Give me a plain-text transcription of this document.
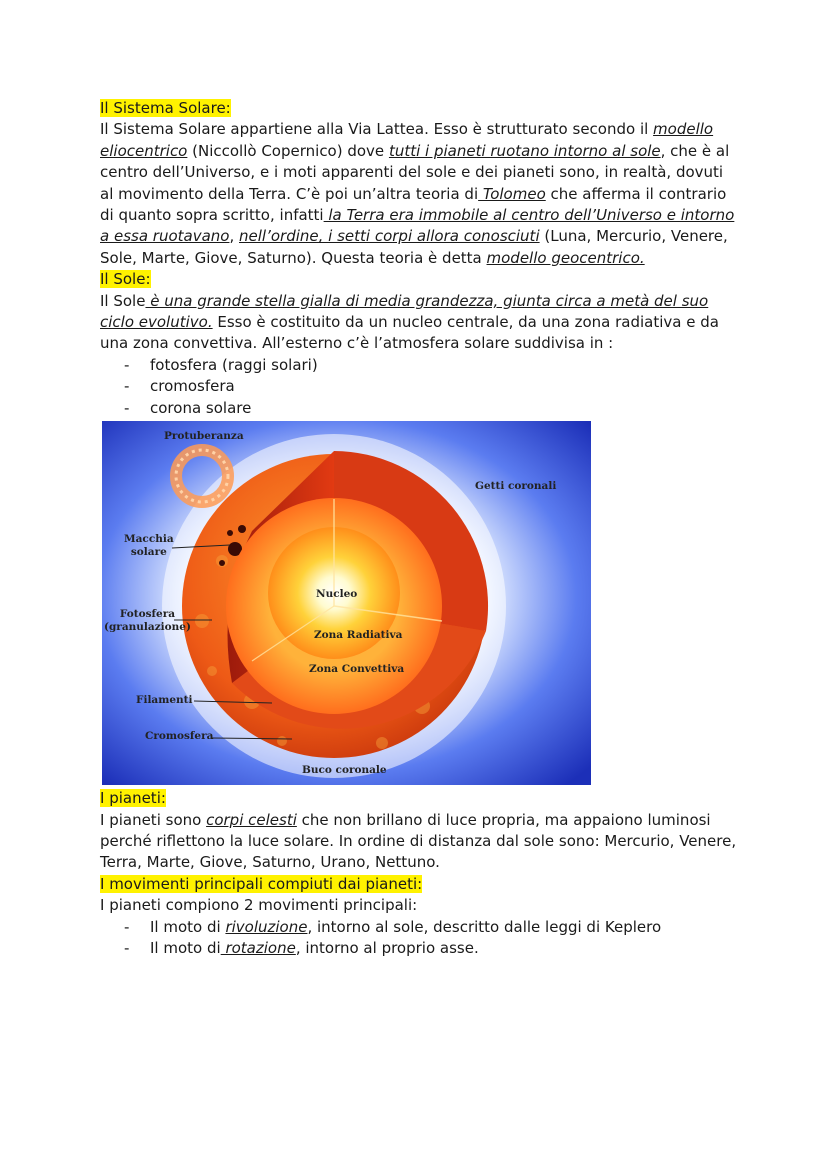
Il Sistema Solare:

Il Sistema Solare appartiene alla Via Lattea. Esso è strutturato secondo il modello eliocentrico (Niccollò Copernico) dove tutti i pianeti ruotano intorno al sole, che è al centro dell’Universo, e i moti apparenti del sole e dei pianeti sono, in realtà, dovuti al movimento della Terra. C’è poi un’altra teoria di Tolomeo che afferma il contrario di quanto sopra scritto, infatti la Terra era immobile al centro dell’Universo e intorno a essa ruotavano, nell’ordine, i setti corpi allora conosciuti (Luna, Mercurio, Venere, Sole, Marte, Giove, Saturno). Questa teoria è detta modello geocentrico.

Il Sole:

Il Sole è una grande stella gialla di media grandezza, giunta circa a metà del suo ciclo evolutivo. Esso è costituito da un nucleo centrale, da una zona radiativa e da una zona convettiva. All’esterno c’è l’atmosfera solare suddivisa in :

- fotosfera (raggi solari)
- cromosfera
- corona solare
Protuberanza
Getti coronali
Macchia
solare
Nucleo
Fotosfera
(granulazione)
Zona Radiativa
Zona Convettiva
Filamenti
Cromosfera
Buco coronale

I pianeti:

I pianeti sono corpi celesti che non brillano di luce propria, ma appaiono luminosi perché riflettono la luce solare. In ordine di distanza dal sole sono: Mercurio, Venere, Terra, Marte, Giove, Saturno, Urano, Nettuno.

I movimenti principali compiuti dai pianeti:

I pianeti compiono 2 movimenti principali:

- Il moto di rivoluzione, intorno al sole, descritto dalle leggi di Keplero
- Il moto di rotazione, intorno al proprio asse.
